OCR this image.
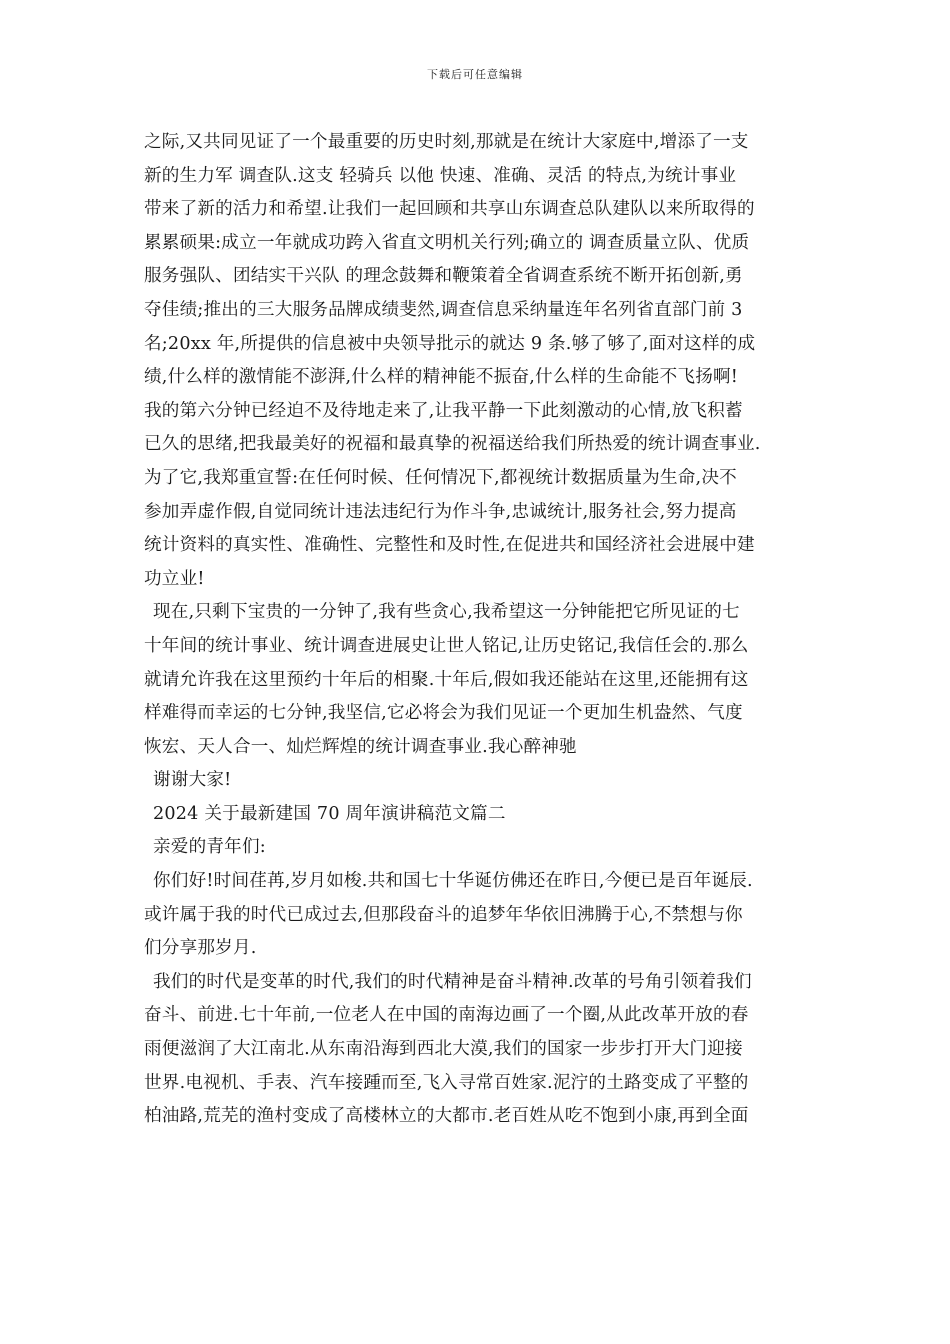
下载后可任意编辑
之际,又共同见证了一个最重要的历史时刻,那就是在统计大家庭中,增添了一支
新的生力军 调查队.这支 轻骑兵 以他 快速、准确、灵活 的特点,为统计事业
带来了新的活力和希望.让我们一起回顾和共享山东调查总队建队以来所取得的
累累硕果:成立一年就成功跨入省直文明机关行列;确立的 调查质量立队、优质
服务强队、团结实干兴队 的理念鼓舞和鞭策着全省调查系统不断开拓创新,勇
夺佳绩;推出的三大服务品牌成绩斐然,调查信息采纳量连年名列省直部门前 3
名;20xx 年,所提供的信息被中央领导批示的就达 9 条.够了够了,面对这样的成
绩,什么样的激情能不澎湃,什么样的精神能不振奋,什么样的生命能不飞扬啊!
我的第六分钟已经迫不及待地走来了,让我平静一下此刻激动的心情,放飞积蓄
已久的思绪,把我最美好的祝福和最真挚的祝福送给我们所热爱的统计调查事业.
为了它,我郑重宣誓:在任何时候、任何情况下,都视统计数据质量为生命,决不
参加弄虚作假,自觉同统计违法违纪行为作斗争,忠诚统计,服务社会,努力提高
统计资料的真实性、准确性、完整性和及时性,在促进共和国经济社会进展中建
功立业!
现在,只剩下宝贵的一分钟了,我有些贪心,我希望这一分钟能把它所见证的七
十年间的统计事业、统计调查进展史让世人铭记,让历史铭记,我信任会的.那么
就请允许我在这里预约十年后的相聚.十年后,假如我还能站在这里,还能拥有这
样难得而幸运的七分钟,我坚信,它必将会为我们见证一个更加生机盎然、气度
恢宏、天人合一、灿烂辉煌的统计调查事业.我心醉神驰
谢谢大家!
2024 关于最新建国 70 周年演讲稿范文篇二
亲爱的青年们:
你们好!时间荏苒,岁月如梭.共和国七十华诞仿佛还在昨日,今便已是百年诞辰.
或许属于我的时代已成过去,但那段奋斗的追梦年华依旧沸腾于心,不禁想与你
们分享那岁月.
我们的时代是变革的时代,我们的时代精神是奋斗精神.改革的号角引领着我们
奋斗、前进.七十年前,一位老人在中国的南海边画了一个圈,从此改革开放的春
雨便滋润了大江南北.从东南沿海到西北大漠,我们的国家一步步打开大门迎接
世界.电视机、手表、汽车接踵而至,飞入寻常百姓家.泥泞的土路变成了平整的
柏油路,荒芜的渔村变成了高楼林立的大都市.老百姓从吃不饱到小康,再到全面
